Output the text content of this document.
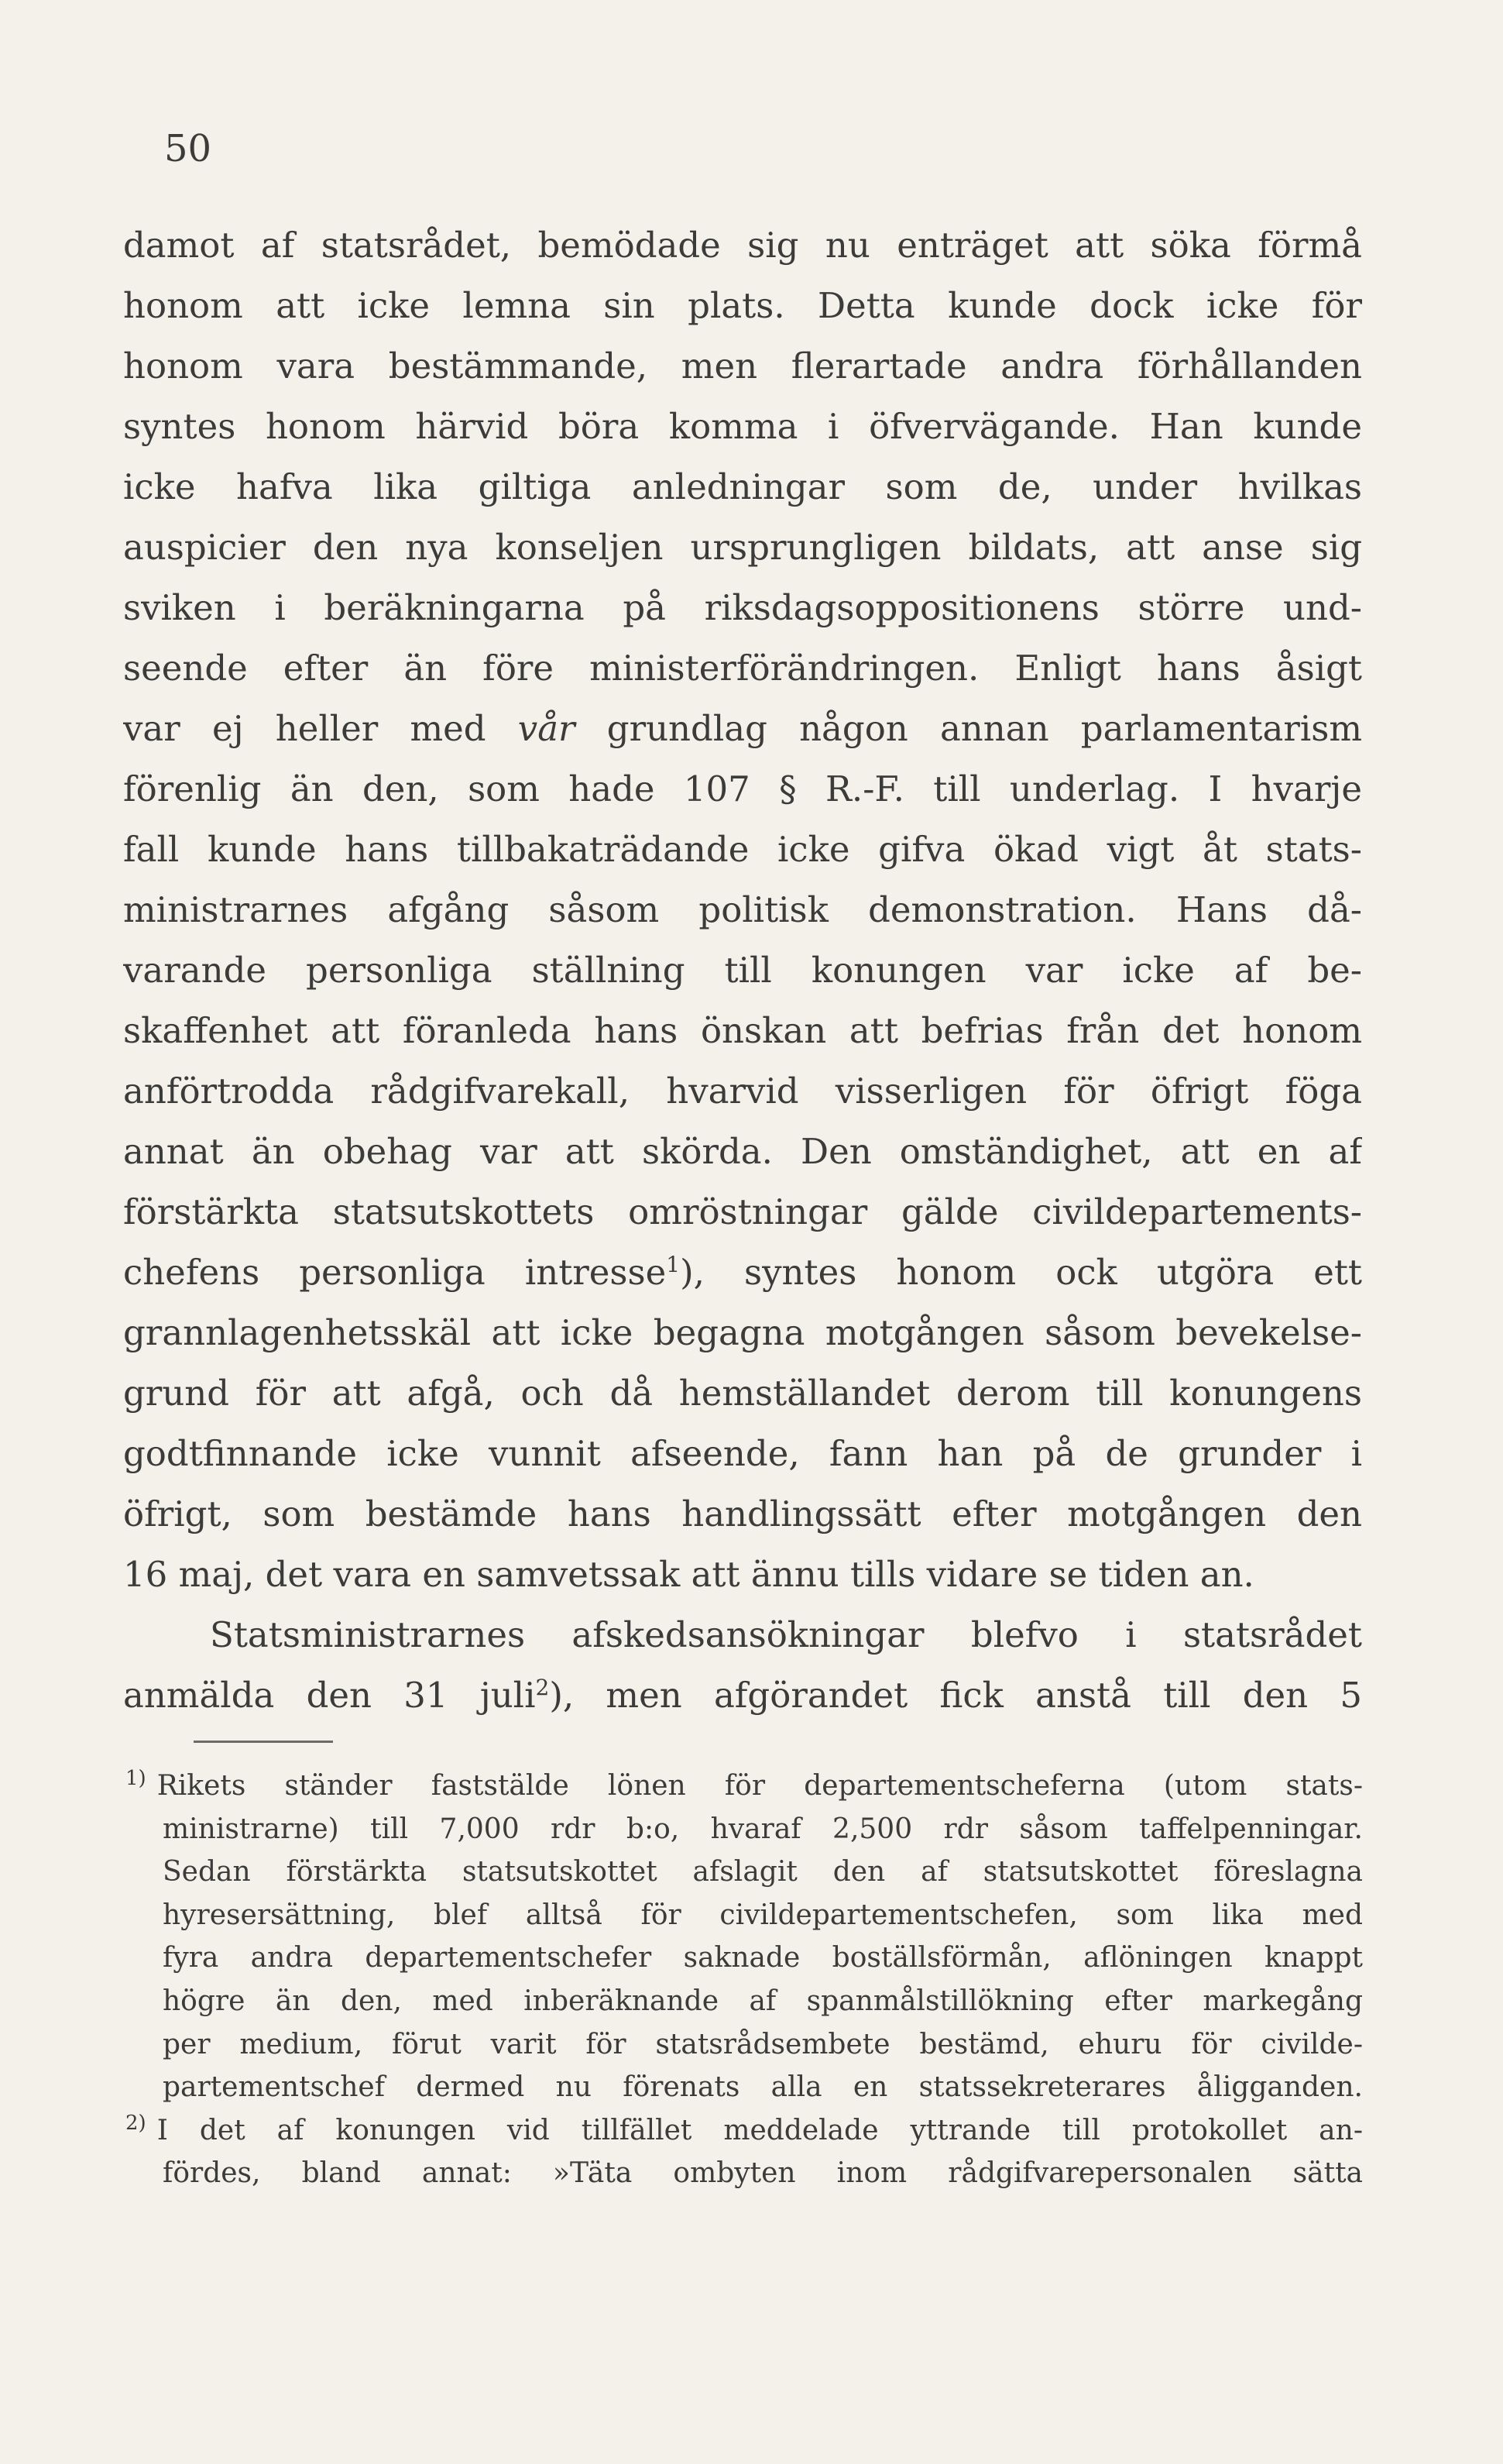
50
damot af statsrådet, bemödade sig nu enträget att söka förmå
honom att icke lemna sin plats. Detta kunde dock icke för
honom vara bestämmande, men flerartade andra förhållanden
syntes honom härvid böra komma i öfvervägande. Han kunde
icke hafva lika giltiga anledningar som de, under hvilkas
auspicier den nya konseljen ursprungligen bildats, att anse sig
sviken i beräkningarna på riksdagsoppositionens större und-
seende efter än före ministerförändringen. Enligt hans åsigt
var ej heller med vår grundlag någon annan parlamentarism
förenlig än den, som hade 107 § R.-F. till underlag. I hvarje
fall kunde hans tillbakaträdande icke gifva ökad vigt åt stats-
ministrarnes afgång såsom politisk demonstration. Hans då-
varande personliga ställning till konungen var icke af be-
skaffenhet att föranleda hans önskan att befrias från det honom
anförtrodda rådgifvarekall, hvarvid visserligen för öfrigt föga
annat än obehag var att skörda. Den omständighet, att en af
förstärkta statsutskottets omröstningar gälde civildepartements-
chefens personliga intresse$^1$), syntes honom ock utgöra ett
grannlagenhetsskäl att icke begagna motgången såsom bevekelse-
grund för att afgå, och då hemställandet derom till konungens
godtfinnande icke vunnit afseende, fann han på de grunder i
öfrigt, som bestämde hans handlingssätt efter motgången den
16 maj, det vara en samvetssak att ännu tills vidare se tiden an.
Statsministrarnes afskedsansökningar blefvo i statsrådet
anmälda den 31 juli$^2$), men afgörandet fick anstå till den 5
$^{1)}$ Rikets ständer faststälde lönen för departementscheferna (utom stats-
ministrarne) till 7,000 rdr b:o, hvaraf 2,500 rdr såsom taffelpenningar.
Sedan förstärkta statsutskottet afslagit den af statsutskottet föreslagna
hyresersättning, blef alltså för civildepartementschefen, som lika med
fyra andra departementschefer saknade boställsförmån, aflöningen knappt
högre än den, med inberäknande af spanmålstillökning efter markegång
per medium, förut varit för statsrådsembete bestämd, ehuru för civilde-
partementschef dermed nu förenats alla en statssekreterares åligganden.
$^{2)}$ I det af konungen vid tillfället meddelade yttrande till protokollet an-
fördes, bland annat: »Täta ombyten inom rådgifvarepersonalen sätta
